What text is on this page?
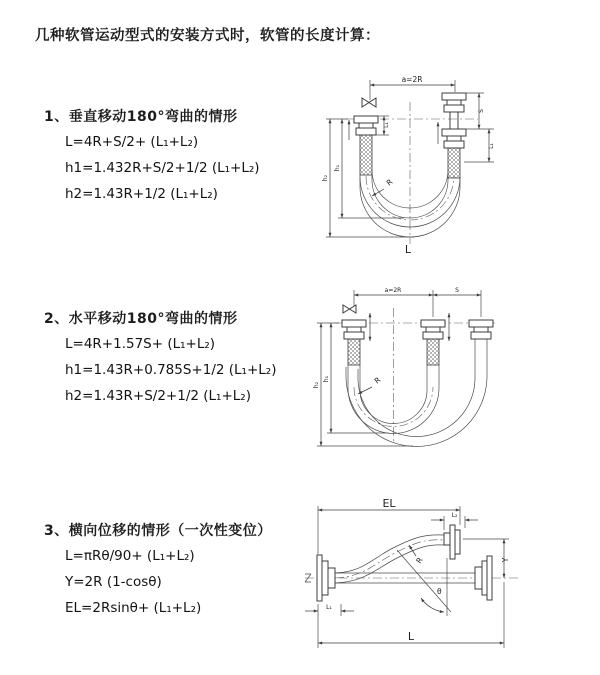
几种软管运动型式的安装方式时，软管的长度计算：
1、垂直移动180°弯曲的情形
L=4R+S/2+ (L₁+L₂)
h1=1.432R+S/2+1/2 (L₁+L₂)
h2=1.43R+1/2 (L₁+L₂)
2、水平移动180°弯曲的情形
L=4R+1.57S+ (L₁+L₂)
h1=1.43R+0.785S+1/2 (L₁+L₂)
h2=1.43R+S/2+1/2 (L₁+L₂)
3、横向位移的情形（一次性变位）
L=πRθ/90+ (L₁+L₂)
Y=2R (1-cosθ)
EL=2Rsinθ+ (L₁+L₂)
a=2R
L₁
S
L₁
h₂
h₁
R
L
a=2R	S
h₂
h₁	R
R
θ
EL
L₂
Y
L
L₁
